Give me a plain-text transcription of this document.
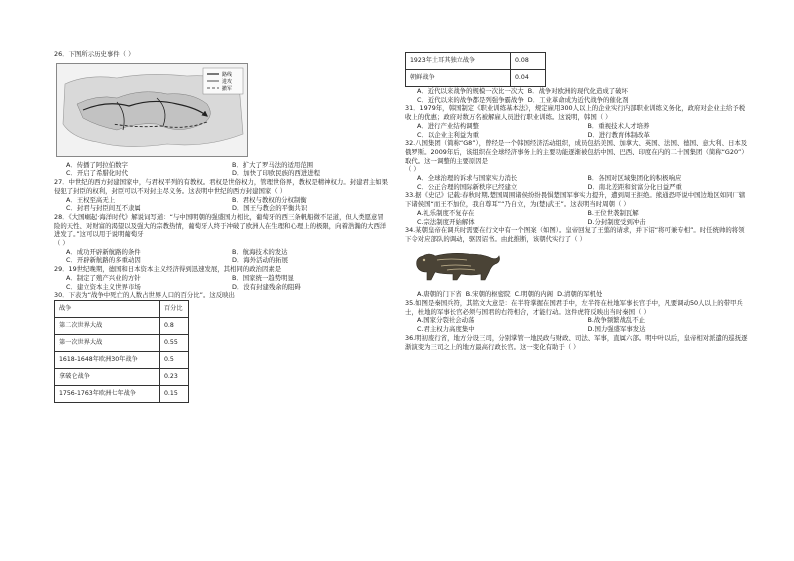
26．下图所示历史事件（ ）

路线
进攻
撤军
A．传播了阿拉伯数字	B．扩大了罗马法的适用范围
C．开启了希腊化时代	D．加快了印欧民族的西进进程

27．中世纪的西方封建国家中，与君权平列的有教权。君权是世俗权力，管理世俗界，教权是精神权力。封建君主如果侵犯了封臣的权利，封臣可以不对封主尽义务。这表明中世纪的西方封建国家（ ）

A．王权至高无上	B．君权与教权的分权制衡
C．封君与封臣间互不隶属	D．国王与教会的平衡共识

28．《大国崛起·海洋时代》解说词写道：“与中国明朝的强盛国力相比，葡萄牙的西三条帆船微不足道，但人类愿意冒险的天性、对财富的渴望以及强大的宗教热情，葡萄牙人终于冲破了欧洲人在生理和心理上的极限，向着浩瀚的大西洋进发了。”这可以用于说明葡萄牙

（ ）

A．成功开辟新航路的条件	B．航海技术的发达
C．开辟新航路的多重动因	D．海外活动的拓展

29．19世纪晚期，德国和日本资本主义经济得到迅速发展，其相同的政治因素是

A．制定了殖产兴业的方针	B．国家统一趋势明显
C．建立资本主义世界市场	D．没有封建残余的阻碍

30．下表为“战争中死亡的人数占世界人口的百分比”。这反映出

战争	百分比
第二次世界大战	0.8
第一次世界大战	0.55
1618-1648年欧洲30年战争	0.5
拿破仑战争	0.23
1756-1763年欧洲七年战争	0.15
1923年土耳其独立战争	0.08
朝鲜战争	0.04
A．近代以来战争的规模一次比一次大 B．战争对欧洲的现代化造成了破坏
C．近代以来的战争都是列强争霸战争 D．工业革命成为近代战争的催化剂

31．1979年，韩国制定《职业训练基本法》，规定雇用300人以上的企业实行内部职业训练义务化，政府对企业主给予税收上的优惠；政府对数万名被解雇人员进行职业训练。这说明，韩国（ ）

A．进行产业结构调整	B．重视技术人才培养
C．以企业主利益为重	D．进行教育体制改革

32.八国集团（简称“G8”），曾经是一个韩国经济活动组织，成员包括美国、加拿大、英国、法国、德国、意大利、日本及俄罗斯。2009年后，该组织在全球经济事务上的主要功能逐渐被包括中国、巴西、印度在内的二十国集团（简称“G20”）取代。这一调整的主要原因是

（ ）

A．全球治理的诉求与国家实力消长	B．各国对区域集团化的积极响应
C．公正合理的国际新秩序已经建立	D．南北差距和贫富分化日益严重

33.据《史记》记载:春秋时期,楚国周围诸侯纷纷畏惧楚国军事实力提升，遭到周王拒绝。熊通恐吓说中国边地区如同厂辖下诸侯国“而王不加位，我自尊耳”“乃自立，为(楚)武王”。这表明当时周朝（ ）

A.礼乐制度不复存在	B.王位世袭制瓦解
C.宗法制度开始解体	D.分封制度受到冲击

34.某朝皇帝在调兵时需要在行文中有一个图案（如图）。皇帝回复了王翦的请求，并下诏“将可兼专相”。时任统帅的将领下令对应部队的调动，驱因诏书。由此推断，该朝代实行了（ ）

A.唐朝的门下省 B.宋朝的枢密院 C.明朝的内阁 D.清朝的军机处

35.如图是秦国兵符，其铭文大意是：在半符掌握在国君手中，左半符在杜地军事长官手中，凡要调动50人以上的带甲兵士，杜地的军事长官必须与国君的右符相合，才能行动。这件虎符反映出当时秦国（ ）

A.国家分裂社会动荡	B.战争频繁战乱不止
C.君主权力高度集中	D.国力强盛军事发达

36.明初废行省，地方分设三司，分别掌管一地民政与财政、司法、军事，直属六部。明中叶以后，皇帝相对派遣的巡抚逐渐演变为三司之上的地方最高行政长官。这一变化有助于（ ）
